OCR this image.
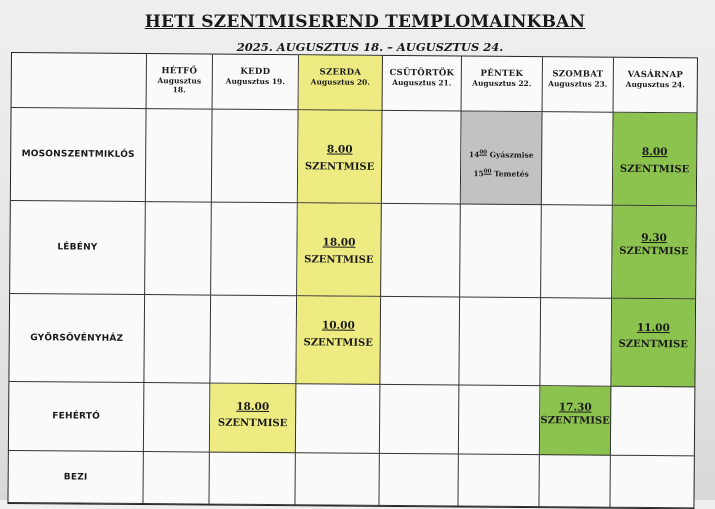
HETI SZENTMISEREND TEMPLOMAINKBAN
2025. AUGUSZTUS 18. – AUGUSZTUS 24.
HÉTFŐ
Augusztus 18.
KEDD
Augusztus 19.
SZERDA
Augusztus 20.
CSÜTÖRTÖK
Augusztus 21.
PÉNTEK
Augusztus 22.
SZOMBAT
Augusztus 23.
VASÁRNAP
Augusztus 24.
MOSONSZENTMIKLÓS	8.00
SZENTMISE
$14^{00}$ Gyászmise
$15^{00}$ Temetés
8.00
SZENTMISE
LÉBÉNY	18.00
SZENTMISE
9.30
SZENTMISE
GYŐRSÖVÉNYHÁZ
10.00
SZENTMISE
11.00
SZENTMISE
FEHÉRTÓ
18.00
SZENTMISE
17.30
SZENTMISE
BEZI
